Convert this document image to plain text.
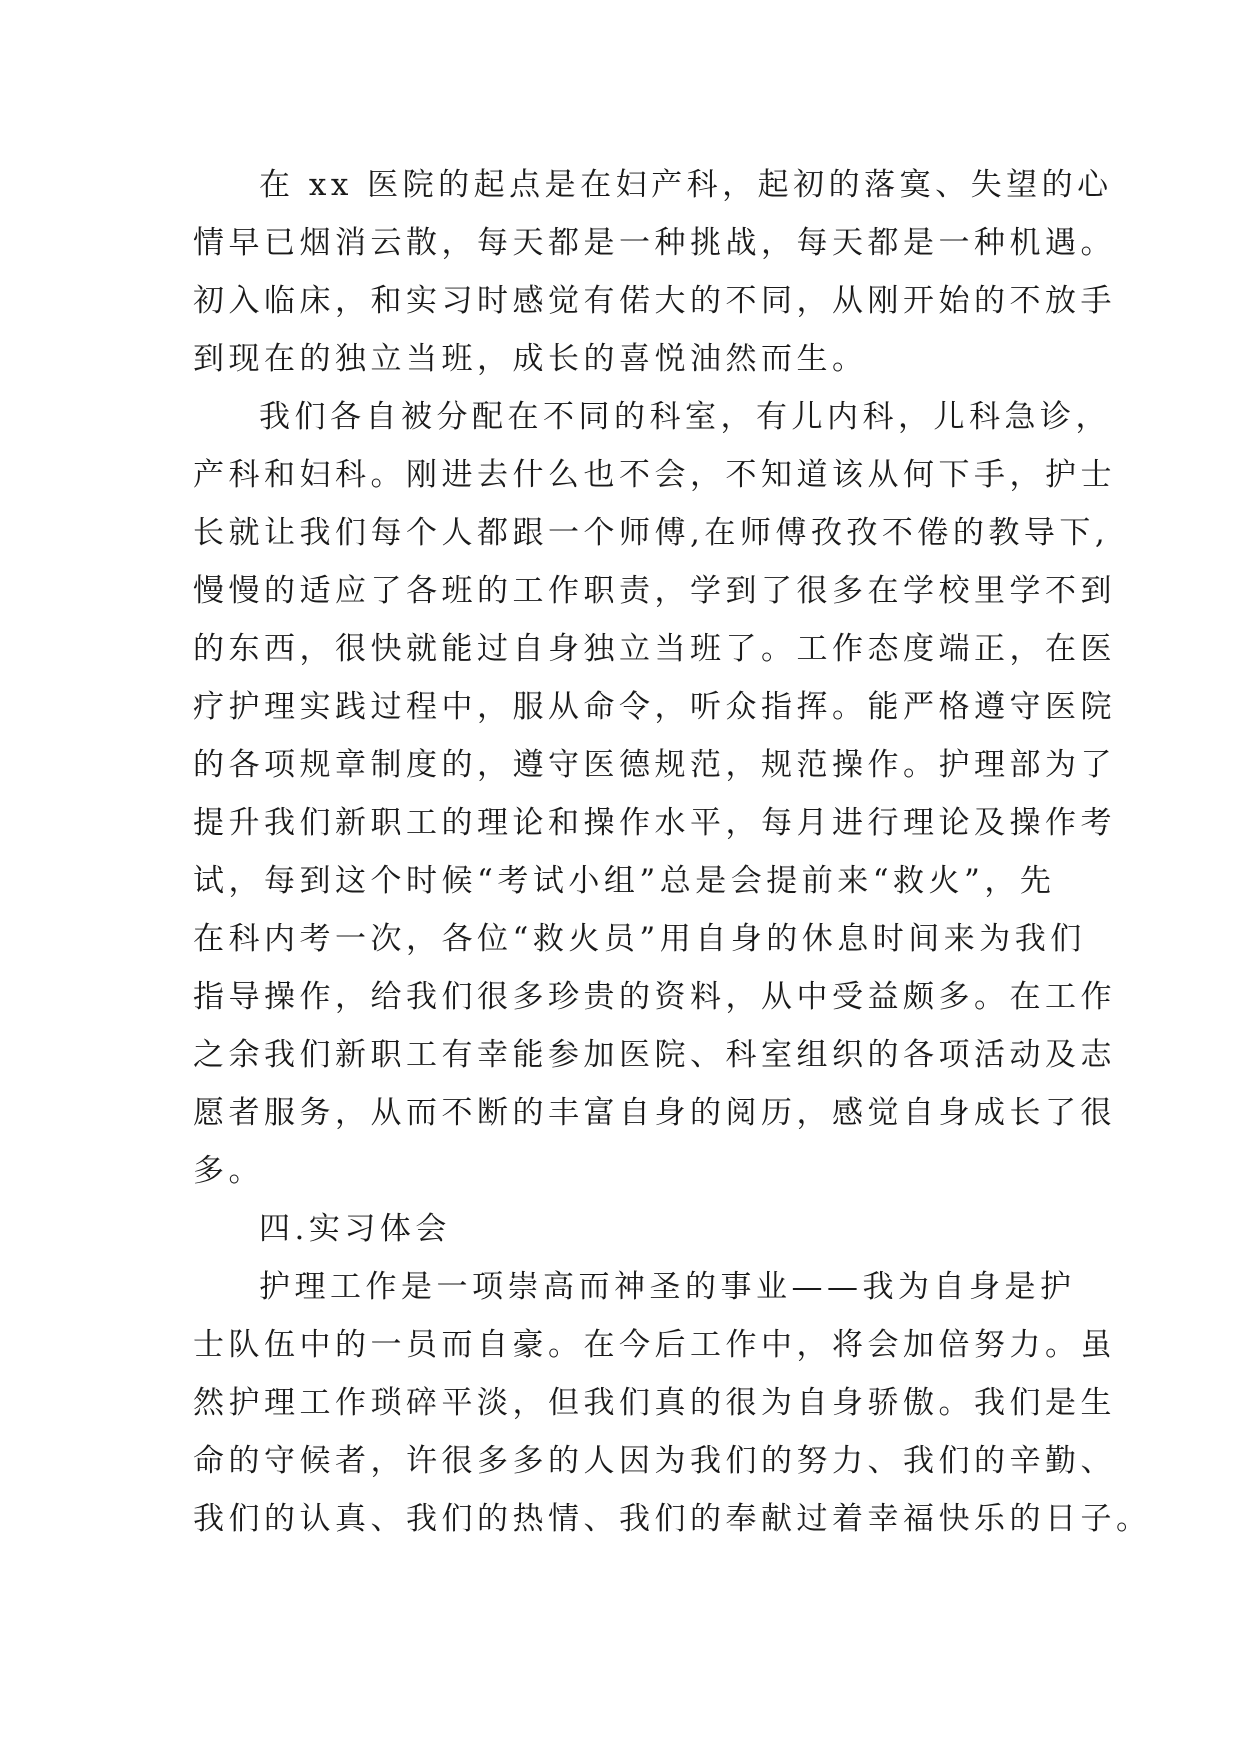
在 xx 医院的起点是在妇产科，起初的落寞、失望的心
情早已烟消云散，每天都是一种挑战，每天都是一种机遇。
初入临床，和实习时感觉有偌大的不同，从刚开始的不放手
到现在的独立当班，成长的喜悦油然而生。
我们各自被分配在不同的科室，有儿内科，儿科急诊，
产科和妇科。刚进去什么也不会，不知道该从何下手，护士
长就让我们每个人都跟一个师傅,在师傅孜孜不倦的教导下,
慢慢的适应了各班的工作职责，学到了很多在学校里学不到
的东西，很快就能过自身独立当班了。工作态度端正，在医
疗护理实践过程中，服从命令，听众指挥。能严格遵守医院
的各项规章制度的，遵守医德规范，规范操作。护理部为了
提升我们新职工的理论和操作水平，每月进行理论及操作考
试，每到这个时候“考试小组”总是会提前来“救火”，先
在科内考一次，各位“救火员”用自身的休息时间来为我们
指导操作，给我们很多珍贵的资料，从中受益颇多。在工作
之余我们新职工有幸能参加医院、科室组织的各项活动及志
愿者服务，从而不断的丰富自身的阅历，感觉自身成长了很
多。
四.实习体会
护理工作是一项崇高而神圣的事业——我为自身是护
士队伍中的一员而自豪。在今后工作中，将会加倍努力。虽
然护理工作琐碎平淡，但我们真的很为自身骄傲。我们是生
命的守候者，许很多多的人因为我们的努力、我们的辛勤、
我们的认真、我们的热情、我们的奉献过着幸福快乐的日子。
